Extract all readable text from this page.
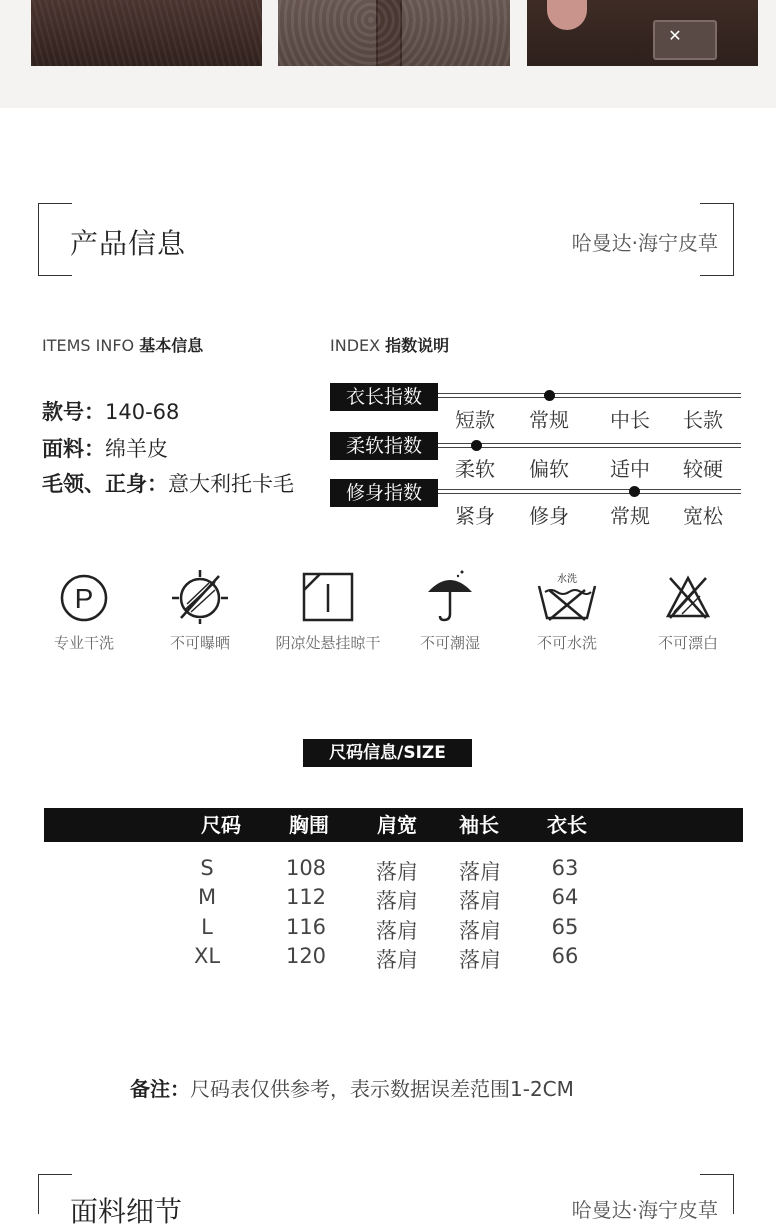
✕
产品信息	哈曼达·海宁皮草
ITEMS INFO 基本信息
款号：140-68
面料：绵羊皮
毛领、正身：意大利托卡毛
INDEX 指数说明
衣长指数
短款 常规 中长 长款
柔软指数
柔软 偏软 适中 较硬
修身指数
紧身 修身 常规 宽松
P
专业干洗	不可曝晒	阴凉处悬挂晾干	不可潮湿
水洗
不可水洗	不可漂白
尺码信息/SIZE
尺码 胸围 肩宽 袖长 衣长
S	108 落肩 落肩 63
M	112 落肩 落肩 64
L	116 落肩 落肩 65
XL	120 落肩 落肩 66
备注：尺码表仅供参考，表示数据误差范围1-2CM
面料细节	哈曼达·海宁皮草
